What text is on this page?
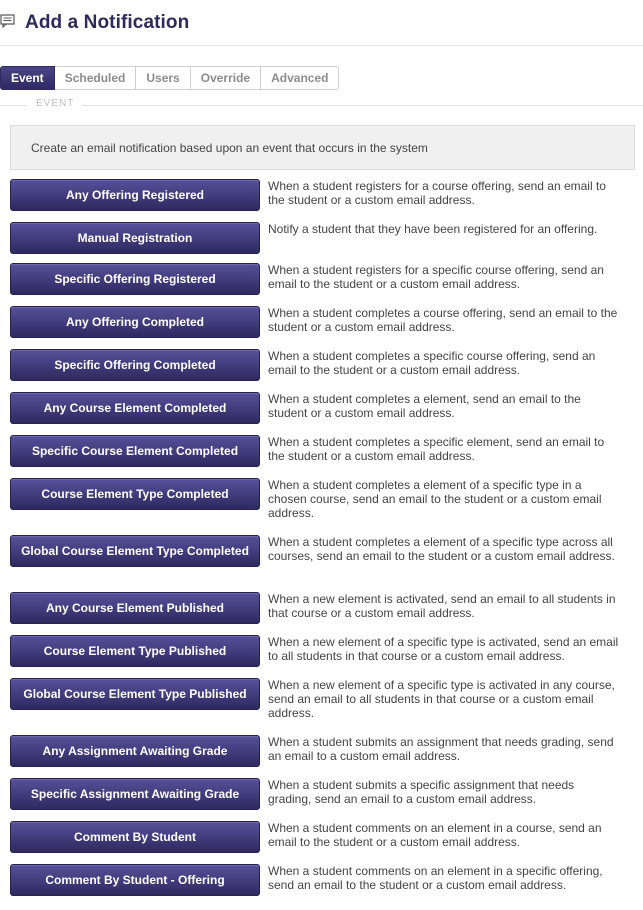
Add a Notification
Event	Scheduled	Users	Override	Advanced
EVENT
Create an email notification based upon an event that occurs in the system
Any Offering Registered
When a student registers for a course offering, send an email to the student or a custom email address.
Manual Registration
Notify a student that they have been registered for an offering.
Specific Offering Registered
When a student registers for a specific course offering, send an email to the student or a custom email address.
Any Offering Completed
When a student completes a course offering, send an email to the student or a custom email address.
Specific Offering Completed
When a student completes a specific course offering, send an email to the student or a custom email address.
Any Course Element Completed
When a student completes a element, send an email to the student or a custom email address.
Specific Course Element Completed
When a student completes a specific element, send an email to the student or a custom email address.
Course Element Type Completed
When a student completes a element of a specific type in a chosen course, send an email to the student or a custom email address.
Global Course Element Type Completed
When a student completes a element of a specific type across all courses, send an email to the student or a custom email address.
Any Course Element Published
When a new element is activated, send an email to all students in that course or a custom email address.
Course Element Type Published
When a new element of a specific type is activated, send an email to all students in that course or a custom email address.
Global Course Element Type Published
When a new element of a specific type is activated in any course, send an email to all students in that course or a custom email address.
Any Assignment Awaiting Grade
When a student submits an assignment that needs grading, send an email to a custom email address.
Specific Assignment Awaiting Grade
When a student submits a specific assignment that needs grading, send an email to a custom email address.
Comment By Student
When a student comments on an element in a course, send an email to the student or a custom email address.
Comment By Student - Offering
When a student comments on an element in a specific offering, send an email to the student or a custom email address.
